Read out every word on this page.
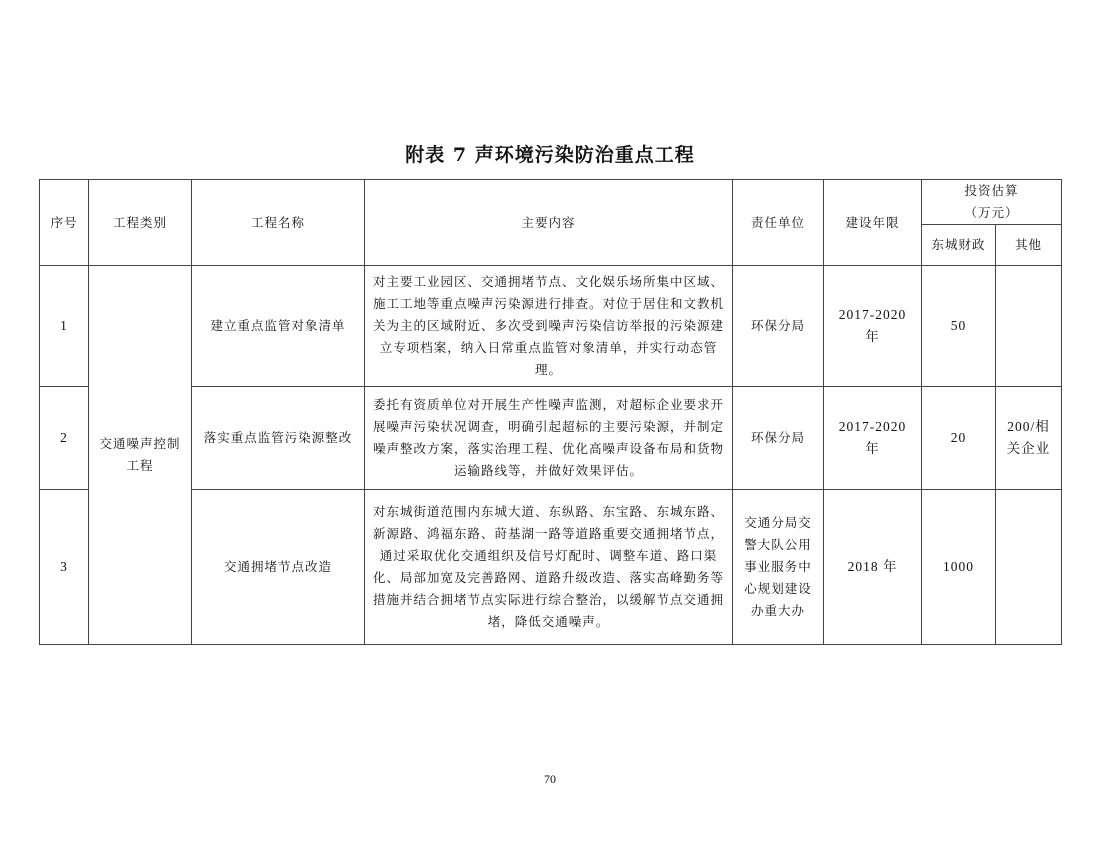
附表 7 声环境污染防治重点工程
序号	工程类别	工程名称	主要内容	责任单位	建设年限	投资估算
（万元）	

						东城财政	其他
1	交通噪声控制工程	建立重点监管对象清单	对主要工业园区、交通拥堵节点、文化娱乐场所集中区域、施工工地等重点噪声污染源进行排查。对位于居住和文教机关为主的区域附近、多次受到噪声污染信访举报的污染源建立专项档案，纳入日常重点监管对象清单，并实行动态管理。	环保分局	2017-2020 年	50	
2		落实重点监管污染源整改	委托有资质单位对开展生产性噪声监测，对超标企业要求开展噪声污染状况调查，明确引起超标的主要污染源，并制定噪声整改方案，落实治理工程、优化高噪声设备布局和货物运输路线等，并做好效果评估。	环保分局	2017-2020 年	20	200/相关企业
3		交通拥堵节点改造	对东城街道范围内东城大道、东纵路、东宝路、东城东路、新源路、鸿福东路、莳基湖一路等道路重要交通拥堵节点，通过采取优化交通组织及信号灯配时、调整车道、路口渠化、局部加宽及完善路网、道路升级改造、落实高峰勤务等措施并结合拥堵节点实际进行综合整治，以缓解节点交通拥堵，降低交通噪声。	交通分局交警大队公用事业服务中心规划建设办重大办	2018 年	1000	
70
